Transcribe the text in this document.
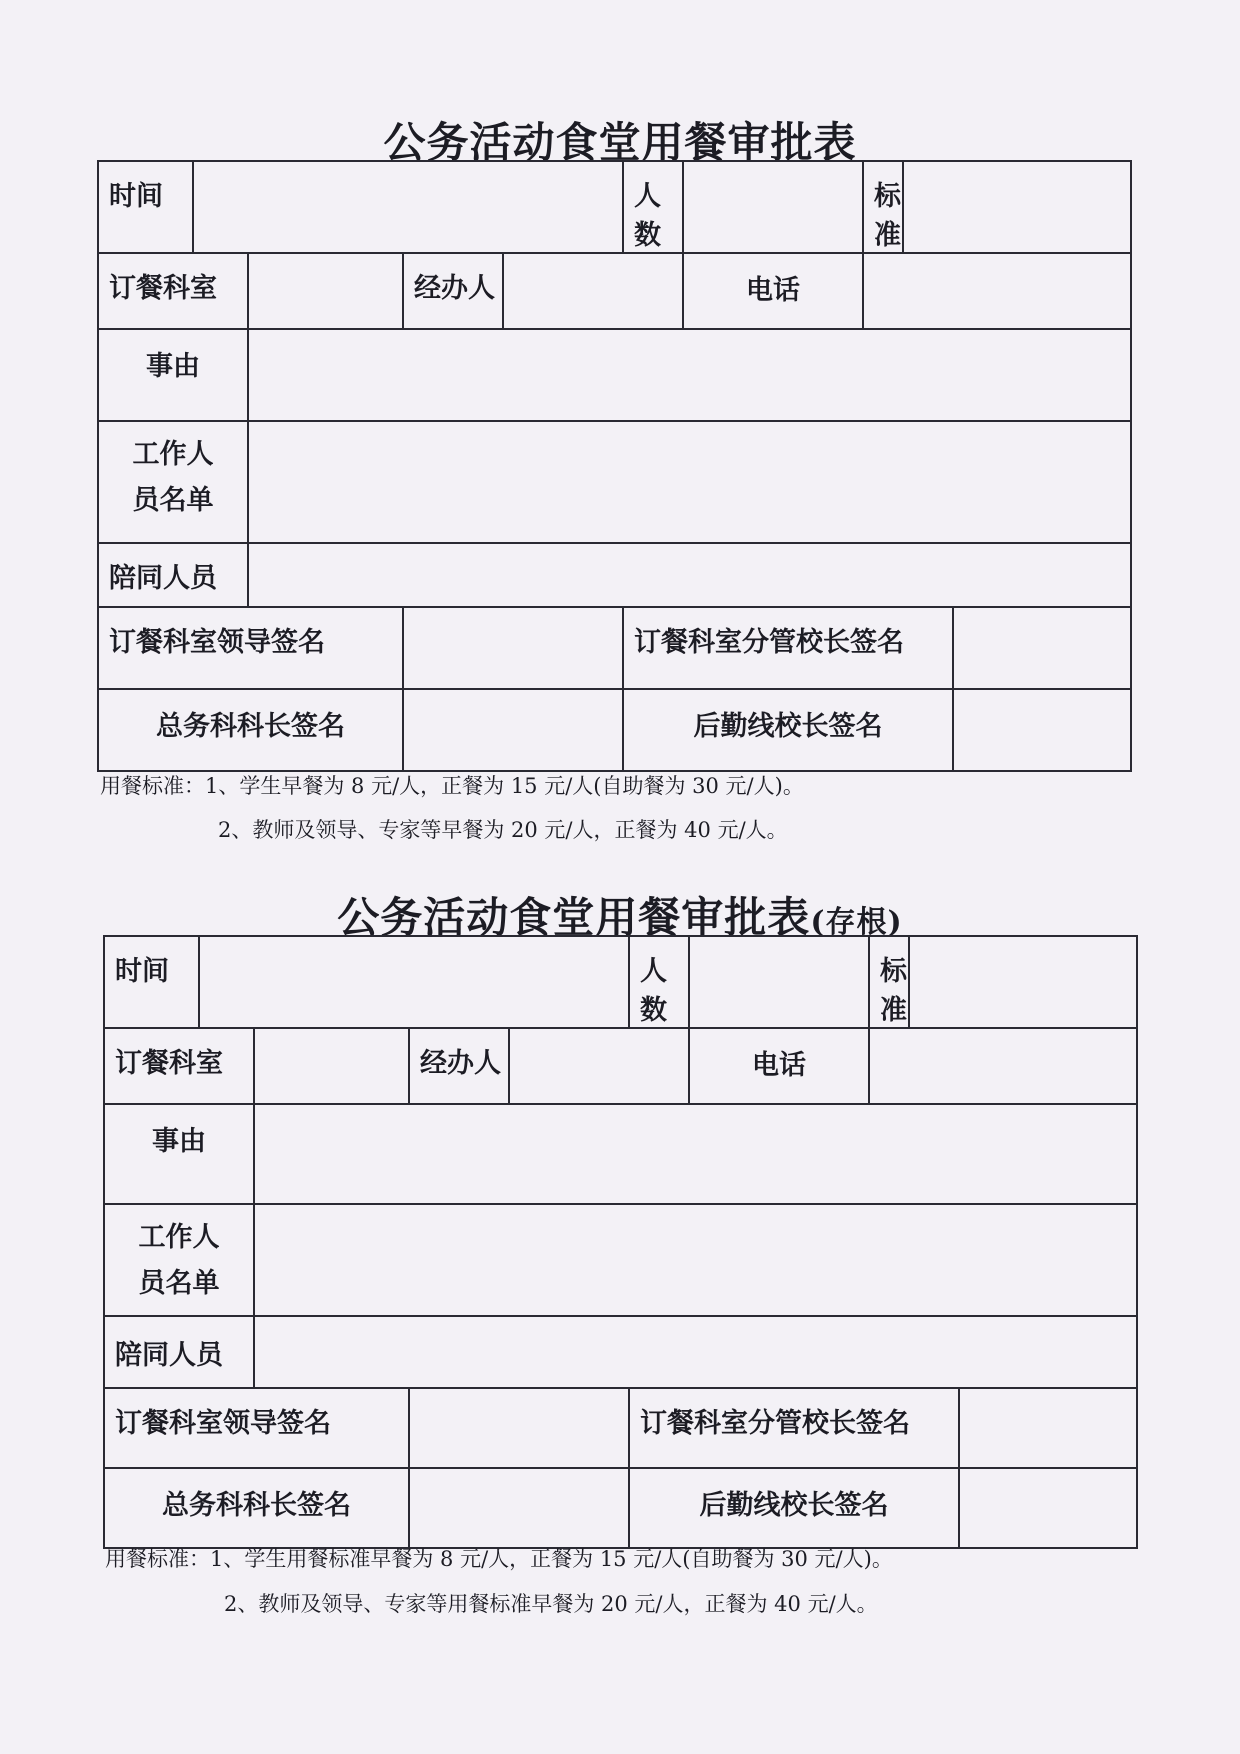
公务活动食堂用餐审批表
时间					人数		标准		
订餐科室			经办人			电话			
事由									

工作人
员名单									

陪同人员									
订餐科室领导签名					订餐科室分管校长签名				
总务科科长签名					后勤线校长签名				
用餐标准：1、学生早餐为 8 元/人，正餐为 15 元/人(自助餐为 30 元/人)。
2、教师及领导、专家等早餐为 20 元/人，正餐为 40 元/人。
公务活动食堂用餐审批表(存根)
时间					人数		标准		
订餐科室			经办人			电话			
事由									

工作人
员名单									

陪同人员									
订餐科室领导签名					订餐科室分管校长签名				
总务科科长签名					后勤线校长签名				
用餐标准：1、学生用餐标准早餐为 8 元/人，正餐为 15 元/人(自助餐为 30 元/人)。
2、教师及领导、专家等用餐标准早餐为 20 元/人，正餐为 40 元/人。
